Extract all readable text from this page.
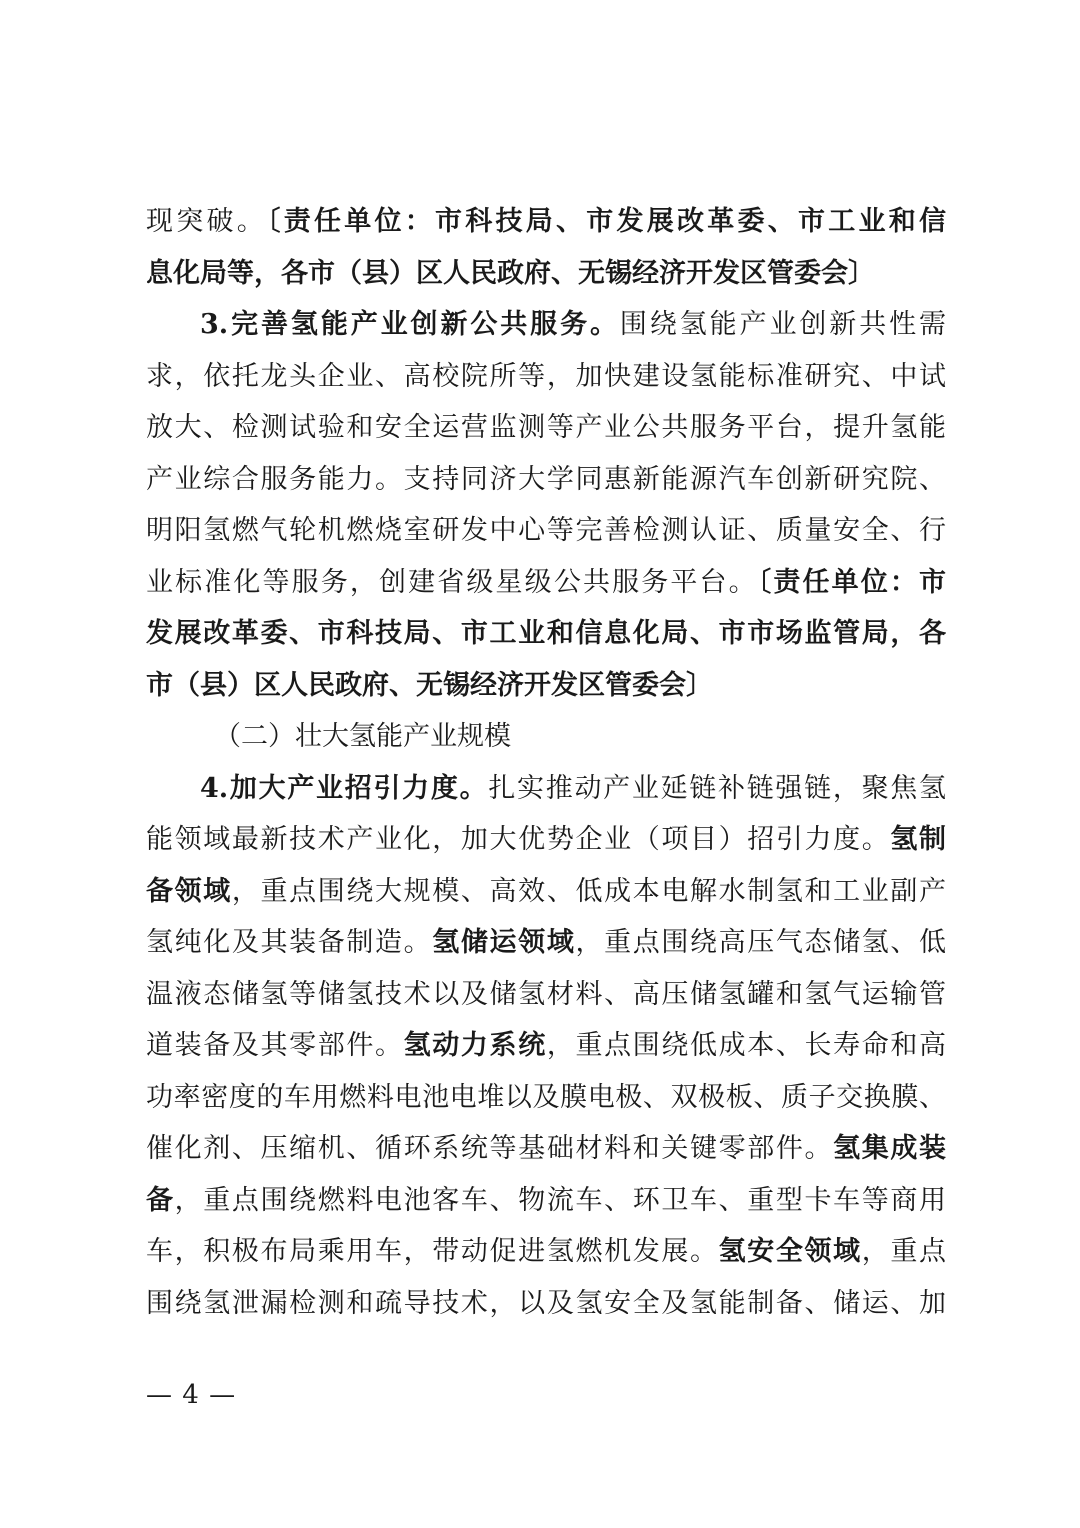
现突破。〔责任单位：市科技局、市发展改革委、市工业和信
息化局等，各市（县）区人民政府、无锡经济开发区管委会〕
3.完善氢能产业创新公共服务。围绕氢能产业创新共性需
求，依托龙头企业、高校院所等，加快建设氢能标准研究、中试
放大、检测试验和安全运营监测等产业公共服务平台，提升氢能
产业综合服务能力。支持同济大学同惠新能源汽车创新研究院、
明阳氢燃气轮机燃烧室研发中心等完善检测认证、质量安全、行
业标准化等服务，创建省级星级公共服务平台。〔责任单位：市
发展改革委、市科技局、市工业和信息化局、市市场监管局，各
市（县）区人民政府、无锡经济开发区管委会〕
（二）壮大氢能产业规模
4.加大产业招引力度。扎实推动产业延链补链强链，聚焦氢
能领域最新技术产业化，加大优势企业（项目）招引力度。氢制
备领域，重点围绕大规模、高效、低成本电解水制氢和工业副产
氢纯化及其装备制造。氢储运领域，重点围绕高压气态储氢、低
温液态储氢等储氢技术以及储氢材料、高压储氢罐和氢气运输管
道装备及其零部件。氢动力系统，重点围绕低成本、长寿命和高
功率密度的车用燃料电池电堆以及膜电极、双极板、质子交换膜、
催化剂、压缩机、循环系统等基础材料和关键零部件。氢集成装
备，重点围绕燃料电池客车、物流车、环卫车、重型卡车等商用
车，积极布局乘用车，带动促进氢燃机发展。氢安全领域，重点
围绕氢泄漏检测和疏导技术，以及氢安全及氢能制备、储运、加
— 4 —
